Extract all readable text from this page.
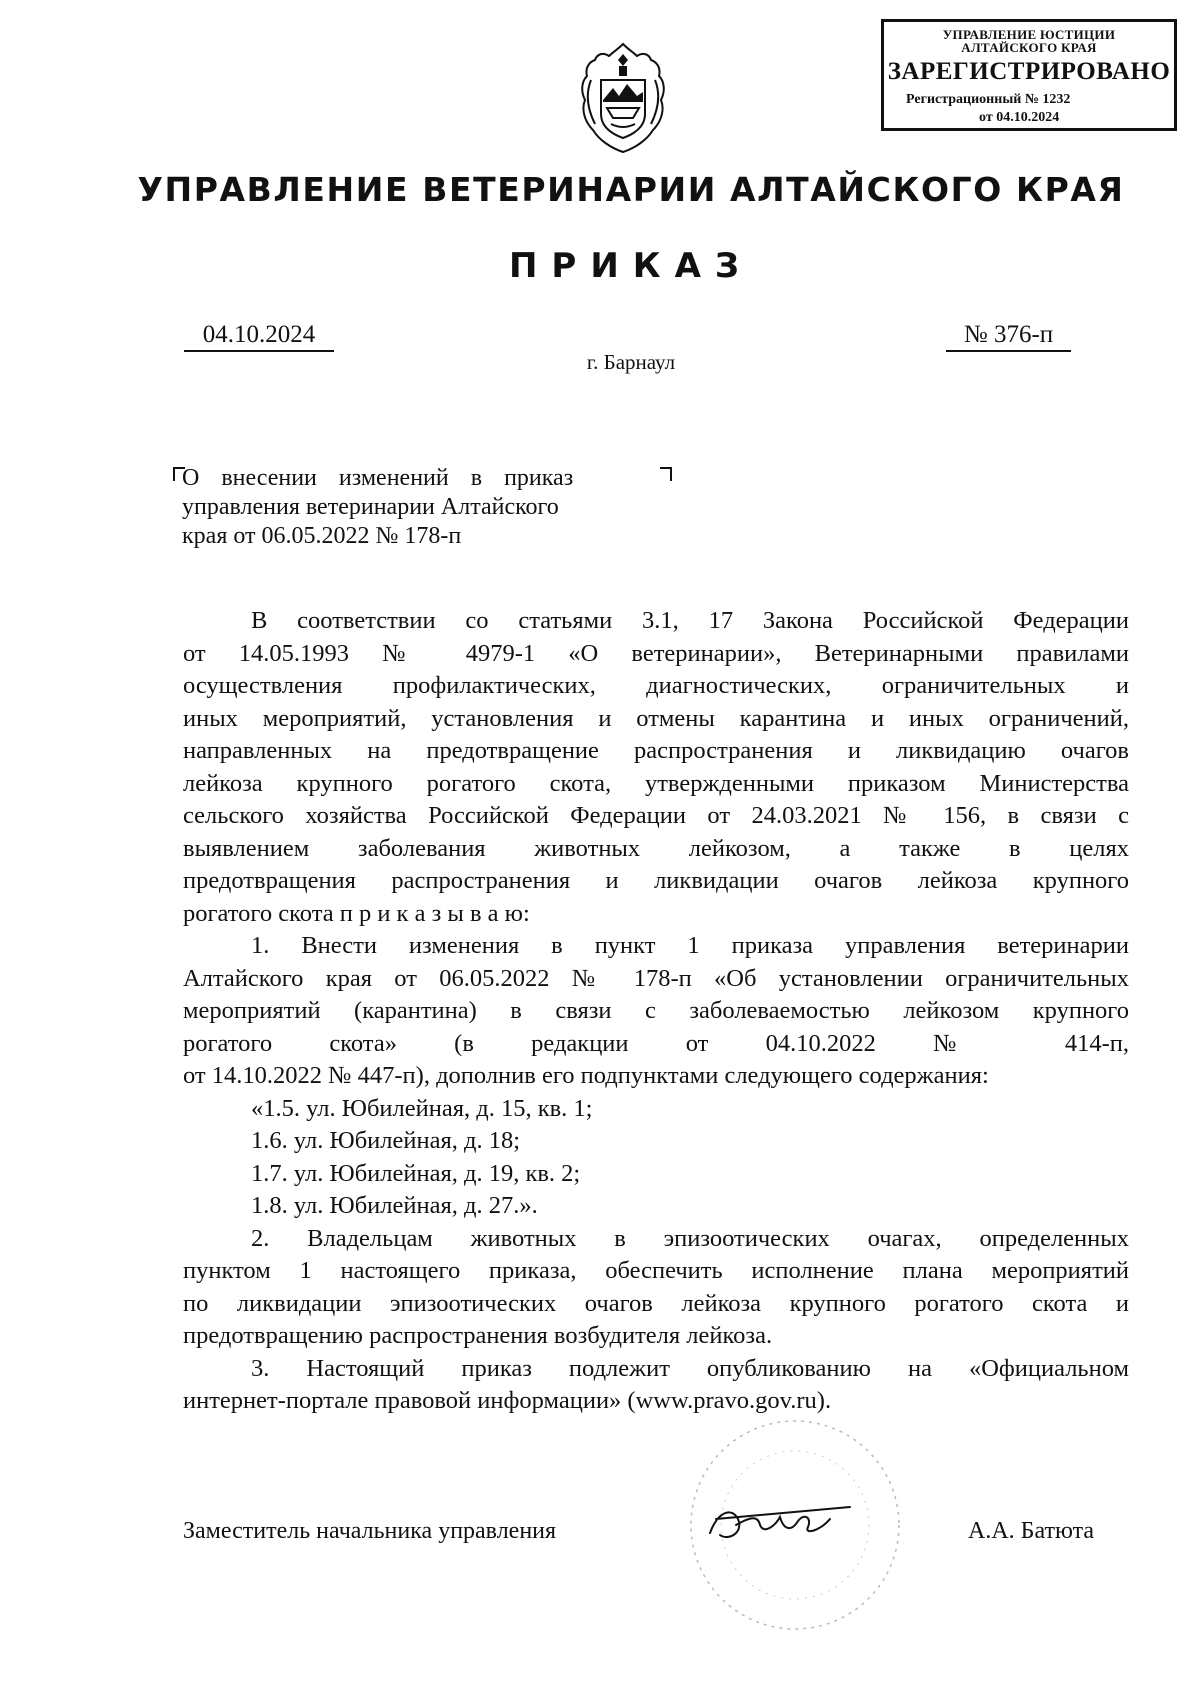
УПРАВЛЕНИЕ ЮСТИЦИИ
АЛТАЙСКОГО КРАЯ
ЗАРЕГИСТРИРОВАНО
Регистрационный № 1232
от 04.10.2024
УПРАВЛЕНИЕ ВЕТЕРИНАРИИ АЛТАЙСКОГО КРАЯ
ПРИКАЗ
04.10.2024	№ 376-п
г. Барнаул
О внесении изменений в приказ
управления ветеринарии Алтайского
края от 06.05.2022 № 178-п
В соответствии со статьями 3.1, 17 Закона Российской Федерации
от 14.05.1993 № 4979-1 «О ветеринарии», Ветеринарными правилами
осуществления профилактических, диагностических, ограничительных и
иных мероприятий, установления и отмены карантина и иных ограничений,
направленных на предотвращение распространения и ликвидацию очагов
лейкоза крупного рогатого скота, утвержденными приказом Министерства
сельского хозяйства Российской Федерации от 24.03.2021 № 156, в связи с
выявлением заболевания животных лейкозом, а также в целях
предотвращения распространения и ликвидации очагов лейкоза крупного
рогатого скота п р и к а з ы в а ю:
1. Внести изменения в пункт 1 приказа управления ветеринарии
Алтайского края от 06.05.2022 № 178-п «Об установлении ограничительных
мероприятий (карантина) в связи с заболеваемостью лейкозом крупного
рогатого скота» (в редакции от 04.10.2022 № 414-п,
от 14.10.2022 № 447-п), дополнив его подпунктами следующего содержания:
«1.5. ул. Юбилейная, д. 15, кв. 1;
1.6. ул. Юбилейная, д. 18;
1.7. ул. Юбилейная, д. 19, кв. 2;
1.8. ул. Юбилейная, д. 27.».
2. Владельцам животных в эпизоотических очагах, определенных
пунктом 1 настоящего приказа, обеспечить исполнение плана мероприятий
по ликвидации эпизоотических очагов лейкоза крупного рогатого скота и
предотвращению распространения возбудителя лейкоза.
3. Настоящий приказ подлежит опубликованию на «Официальном
интернет-портале правовой информации» (www.pravo.gov.ru).
Заместитель начальника управления	А.А. Батюта
